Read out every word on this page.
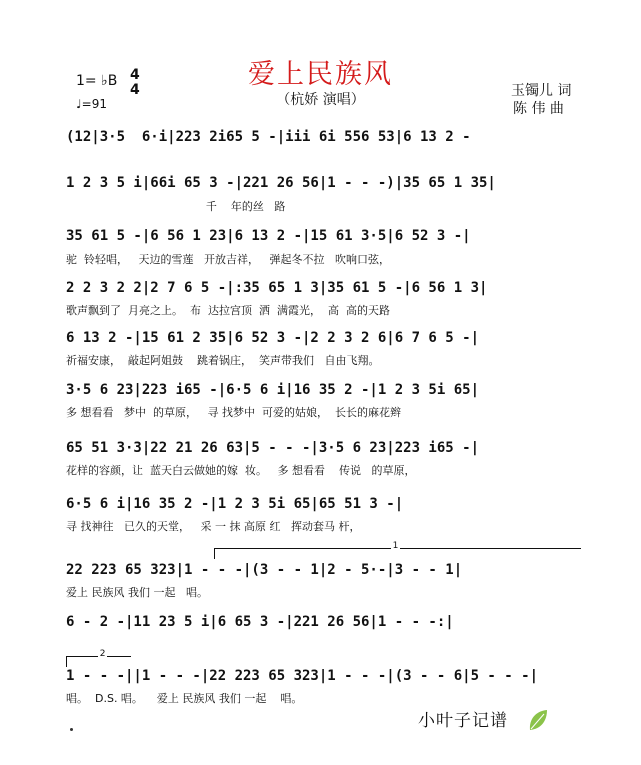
爱上民族风
（杭娇 演唱）
1= ♭B 4
4
♩=91
玉镯儿 词
陈 伟 曲
(12|3·5  6·i|223 2i65 5 -|iii 6i 556 53|6 13 2 -
1 2 3 5 i|66i 65 3 -|221 26 56|1 - - -)|35 65 1 35|
千    年的丝   路
35 61 5 -|6 56 1 23|6 13 2 -|15 61 3·5|6 52 3 -|
驼  铃轻唱，   天边的雪莲   开放吉祥，   弹起冬不拉   吹响口弦，
2 2 3 2 2|2 7 6 5 -|:35 65 1 3|35 61 5 -|6 56 1 3|
歌声飘到了  月亮之上。  布  达拉宫顶  洒  满霞光，  高  高的天路
6 13 2 -|15 61 2 35|6 52 3 -|2 2 3 2 6|6 7 6 5 -|
祈福安康，  敲起阿姐鼓    跳着锅庄，  笑声带我们   自由飞翔。
3·5 6 23|223 i65 -|6·5 6 i|16 35 2 -|1 2 3 5i 65|
多 想看看   梦中  的草原，   寻 找梦中  可爱的姑娘，  长长的麻花辫
65 51 3·3|22 21 26 63|5 - - -|3·5 6 23|223 i65 -|
花样的容颜，让  蓝天白云做她的嫁  妆。   多 想看看    传说   的草原，
6·5 6 i|16 35 2 -|1 2 3 5i 65|65 51 3 -|
寻 找神往   已久的天堂，   采 一 抹 高原 红   挥动套马 杆，
1
22 223 65 323|1 - - -|(3 - - 1|2 - 5·-|3 - - 1|
爱上 民族风 我们 一起   唱。
6 - 2 -|11 23 5 i|6 65 3 -|221 26 56|1 - - -:|
2
1 - - -||1 - - -|22 223 65 323|1 - - -|(3 - - 6|5 - - -|
唱。  D.S. 唱。    爱上 民族风 我们 一起    唱。
小叶子记谱
